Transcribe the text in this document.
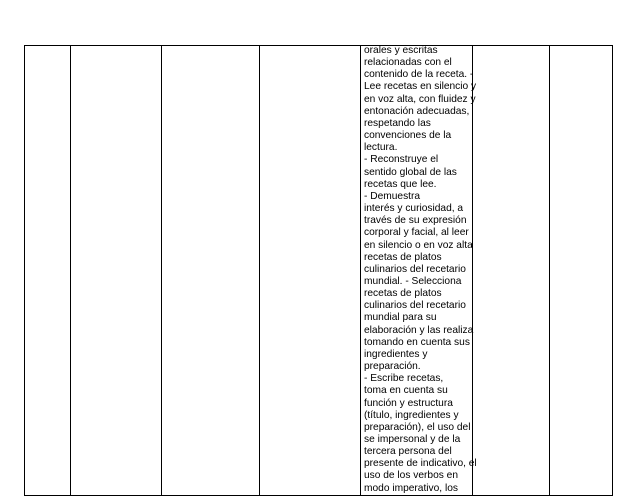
orales y escritas
relacionadas con el
contenido de la receta. -
Lee recetas en silencio y
en voz alta, con fluidez y
entonación adecuadas,
respetando las
convenciones de la
lectura.
- Reconstruye el
sentido global de las
recetas que lee.
- Demuestra
interés y curiosidad, a
través de su expresión
corporal y facial, al leer
en silencio o en voz alta
recetas de platos
culinarios del recetario
mundial. - Selecciona
recetas de platos
culinarios del recetario
mundial para su
elaboración y las realiza
tomando en cuenta sus
ingredientes y
preparación.
- Escribe recetas,
toma en cuenta su
función y estructura
(título, ingredientes y
preparación), el uso del
se impersonal y de la
tercera persona del
presente de indicativo, el
uso de los verbos en
modo imperativo, los
